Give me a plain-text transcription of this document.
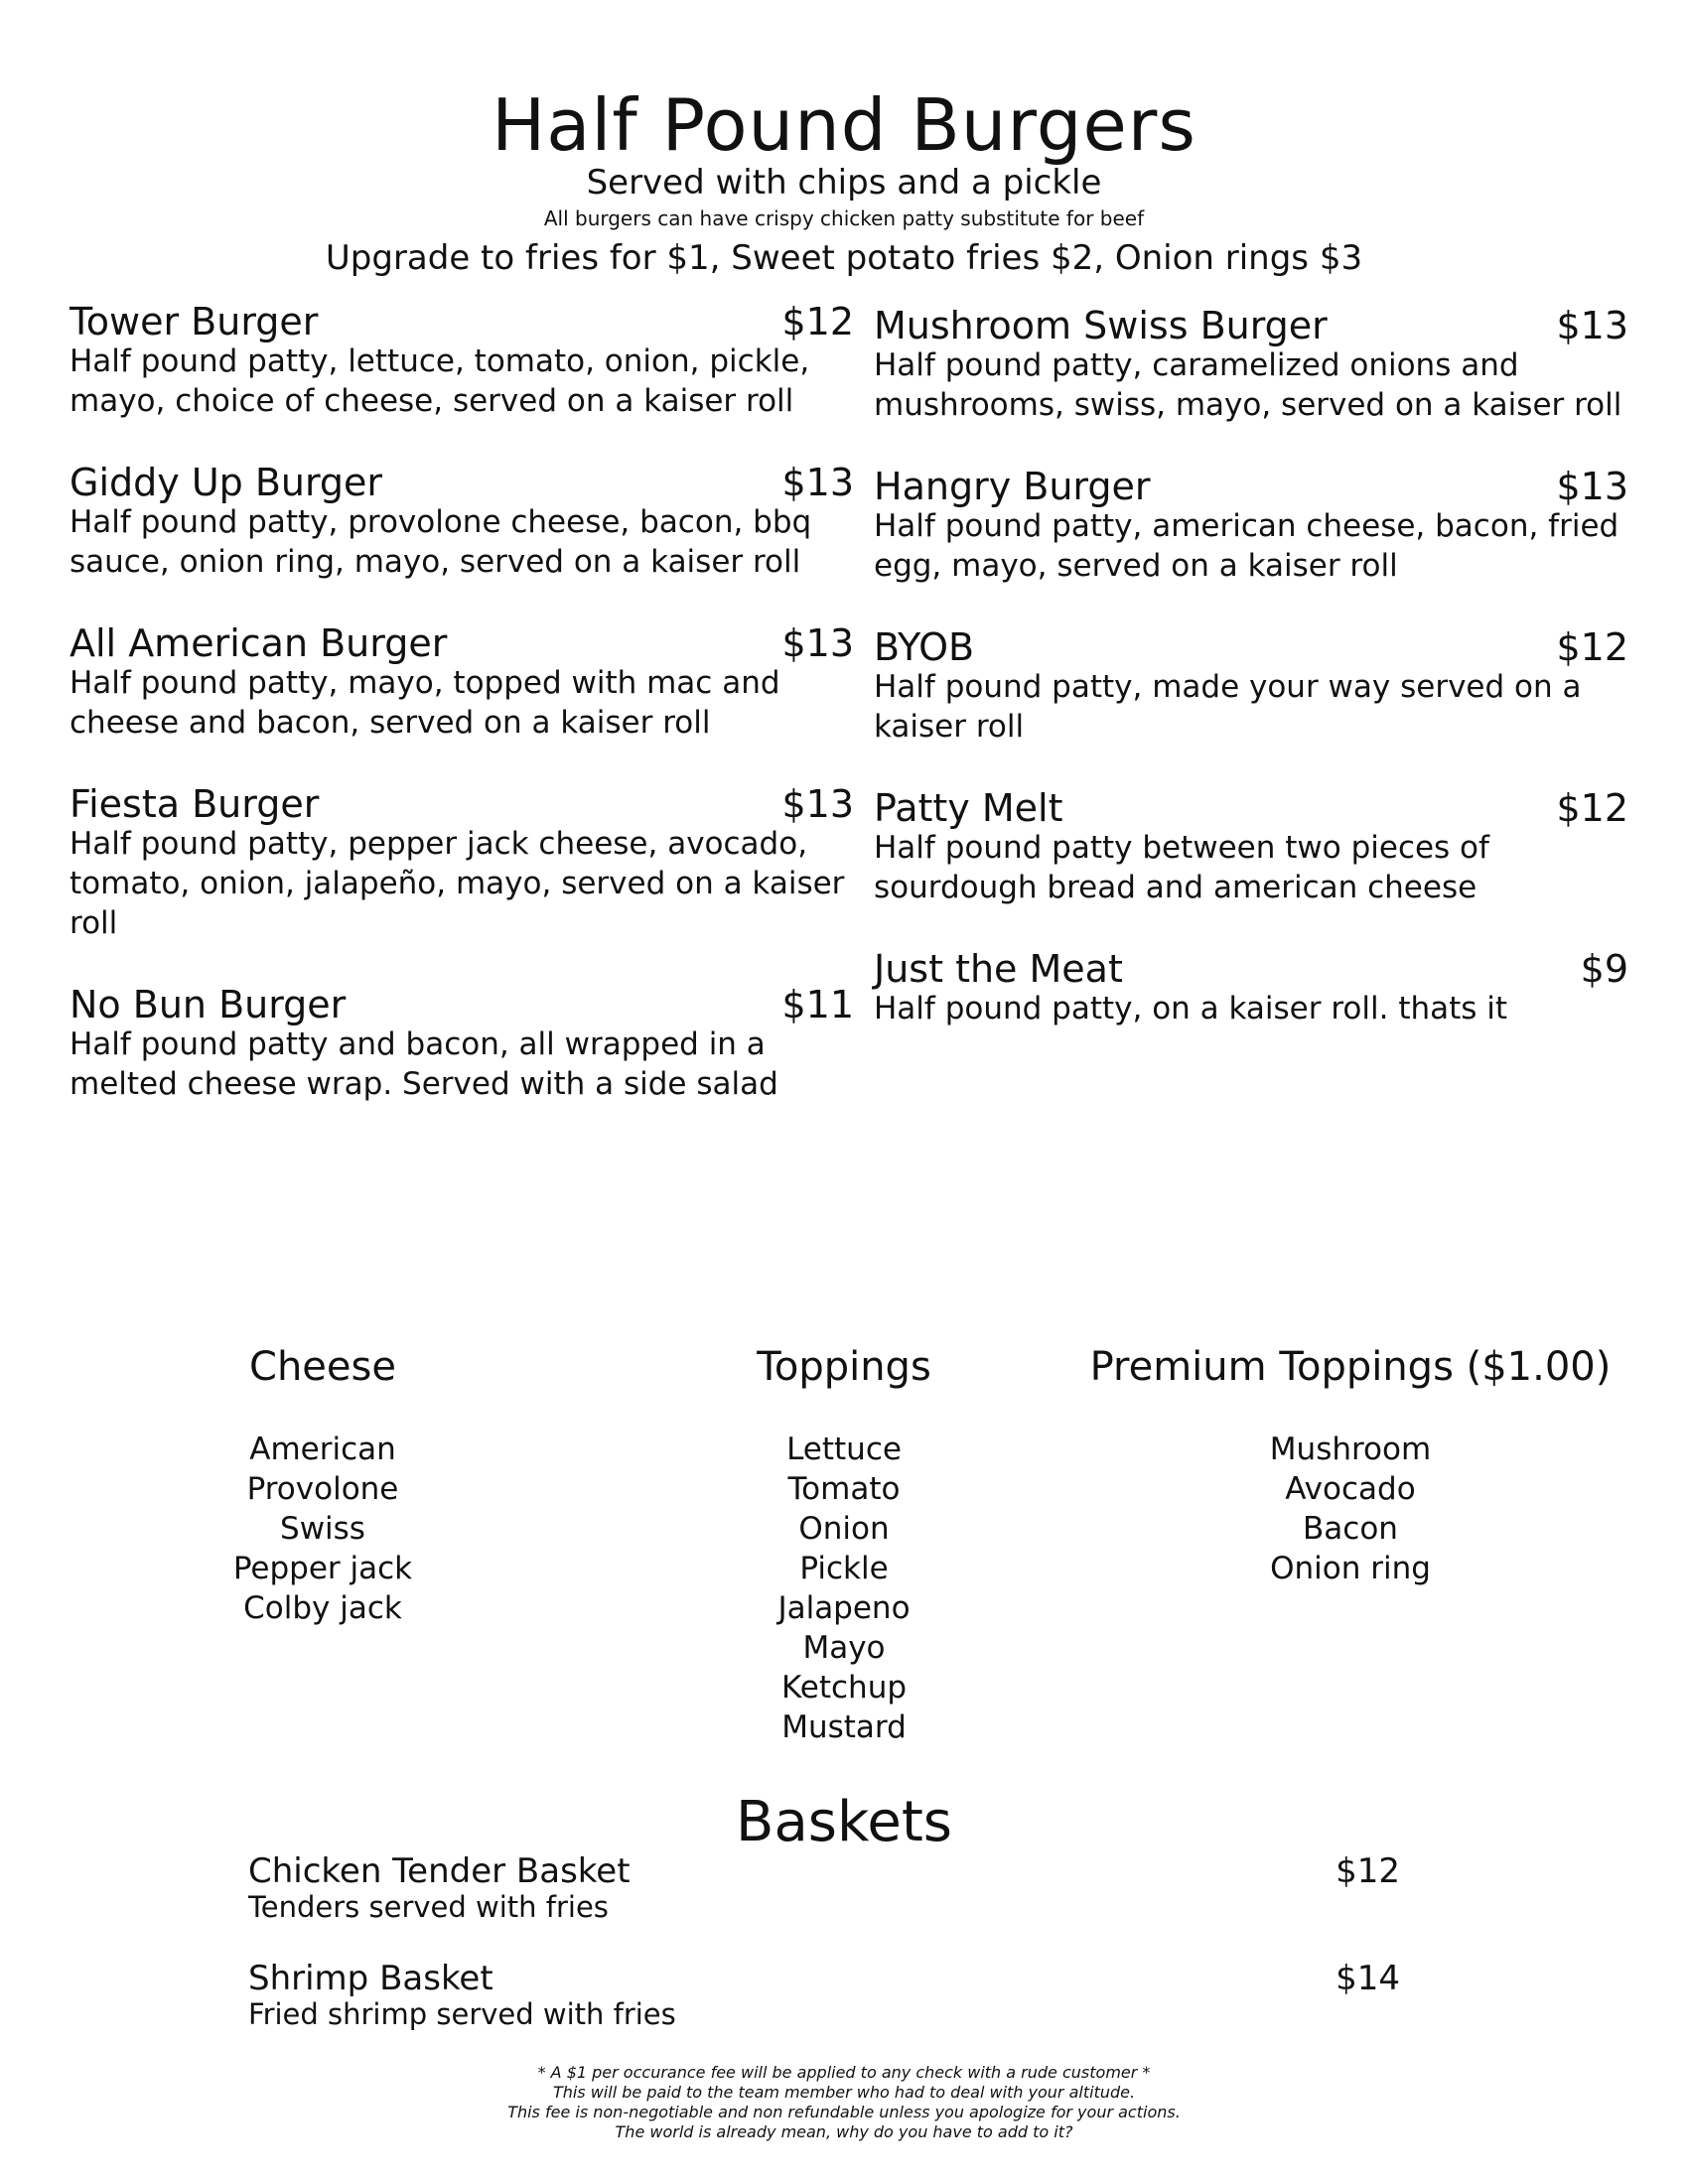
Half Pound Burgers
Served with chips and a pickle
All burgers can have crispy chicken patty substitute for beef
Upgrade to fries for $1, Sweet potato fries $2, Onion rings $3
Tower Burger	$12
Half pound patty, lettuce, tomato, onion, pickle, mayo, choice of cheese, served on a kaiser roll
Giddy Up Burger	$13
Half pound patty, provolone cheese, bacon, bbq sauce, onion ring, mayo, served on a kaiser roll
All American Burger	$13
Half pound patty, mayo, topped with mac and cheese and bacon, served on a kaiser roll
Fiesta Burger	$13
Half pound patty, pepper jack cheese, avocado, tomato, onion, jalapeño, mayo, served on a kaiser roll
No Bun Burger	$11
Half pound patty and bacon, all wrapped in a melted cheese wrap. Served with a side salad
Mushroom Swiss Burger	$13
Half pound patty, caramelized onions and mushrooms, swiss, mayo, served on a kaiser roll
Hangry Burger	$13
Half pound patty, american cheese, bacon, fried egg, mayo, served on a kaiser roll
BYOB	$12
Half pound patty, made your way served on a kaiser roll
Patty Melt	$12
Half pound patty between two pieces of sourdough bread and american cheese
Just the Meat	$9
Half pound patty, on a kaiser roll. thats it
Cheese
American
Provolone
Swiss
Pepper jack
Colby jack
Toppings
Lettuce
Tomato
Onion
Pickle
Jalapeno
Mayo
Ketchup
Mustard
Premium Toppings ($1.00)
Mushroom
Avocado
Bacon
Onion ring
Baskets
Chicken Tender Basket	$12
Tenders served with fries
Shrimp Basket	$14
Fried shrimp served with fries
* A $1 per occurance fee will be applied to any check with a rude customer *
This will be paid to the team member who had to deal with your altitude.
This fee is non-negotiable and non refundable unless you apologize for your actions.
The world is already mean, why do you have to add to it?
